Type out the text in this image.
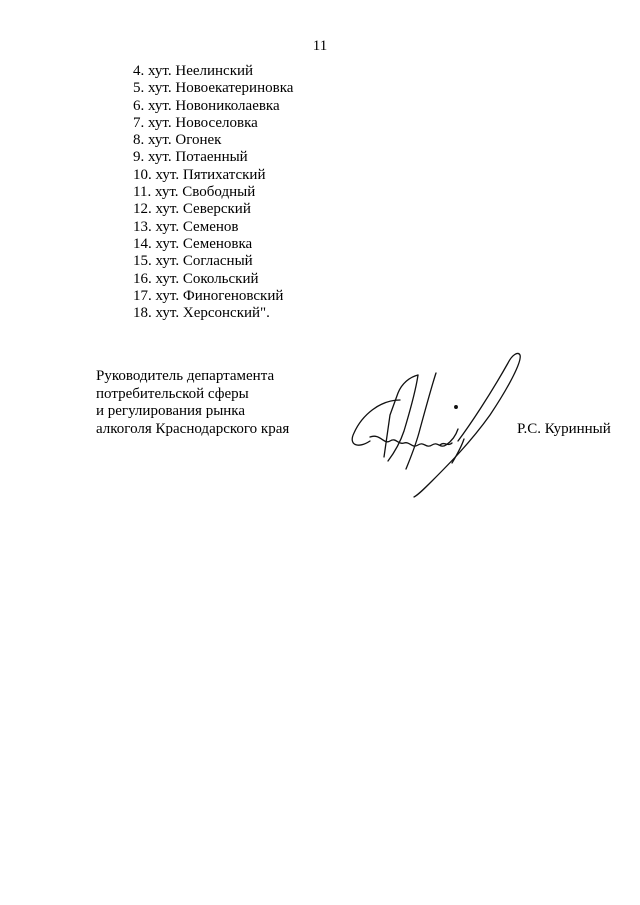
11
4. хут. Неелинский
5. хут. Новоекатериновка
6. хут. Новониколаевка
7. хут. Новоселовка
8. хут. Огонек
9. хут. Потаенный
10. хут. Пятихатский
11. хут. Свободный
12. хут. Северский
13. хут. Семенов
14. хут. Семеновка
15. хут. Согласный
16. хут. Сокольский
17. хут. Финогеновский
18. хут. Херсонский".
Руководитель департамента
потребительской сферы
и регулирования рынка
алкоголя Краснодарского края	Р.С. Куринный
